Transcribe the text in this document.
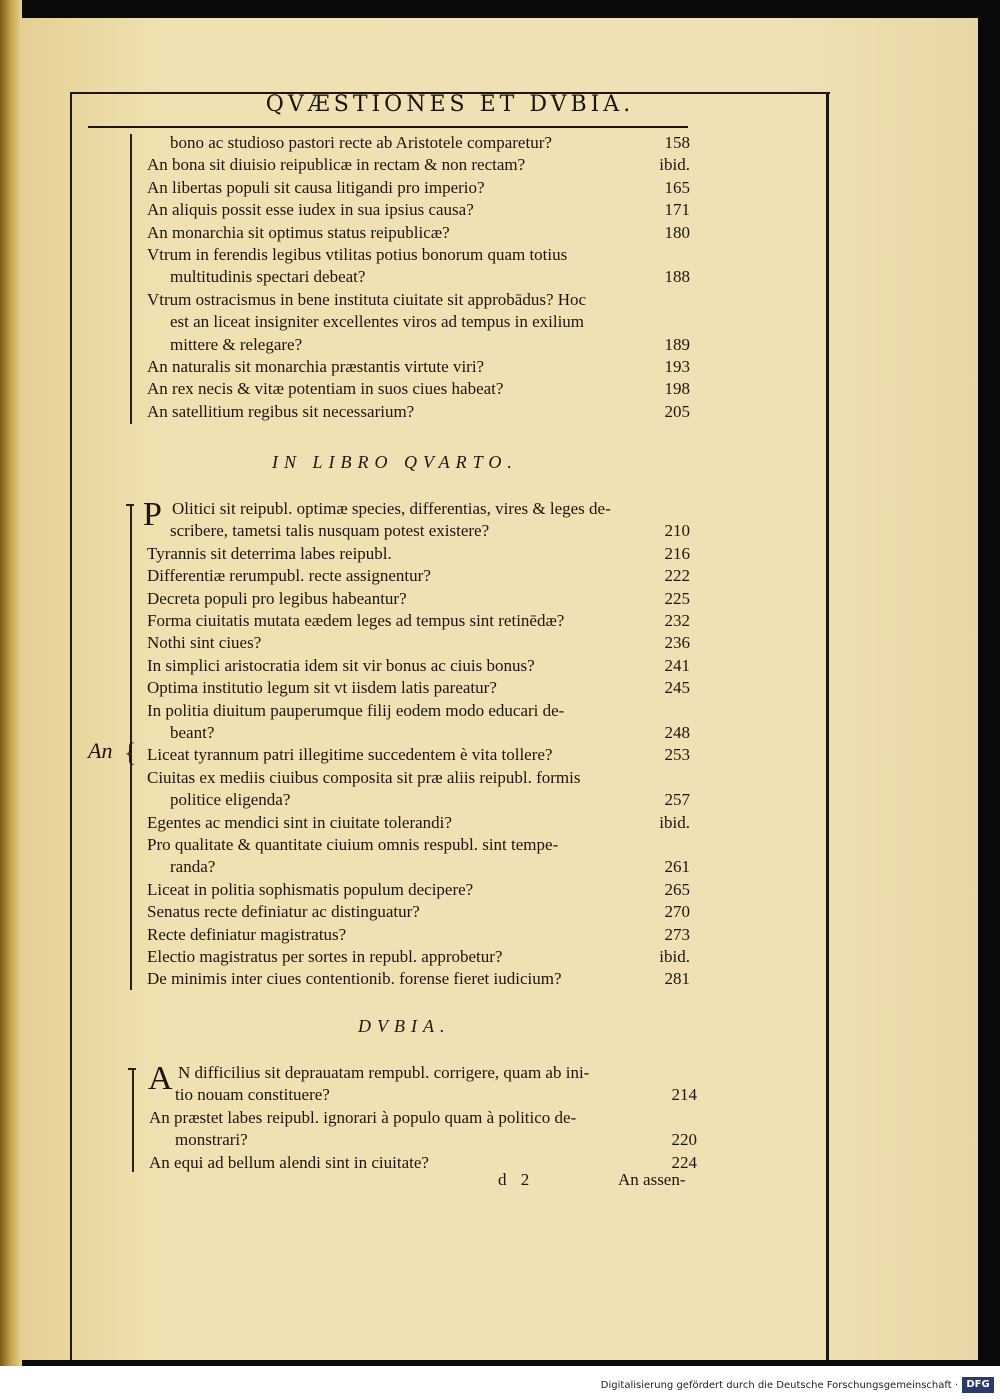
QVÆSTIONES ET DVBIA.
bono ac studioso pastori recte ab Aristotele comparetur?	158
An bona sit diuisio reipublicæ in rectam & non rectam?	ibid.
An libertas populi sit causa litigandi pro imperio?	165
An aliquis possit esse iudex in sua ipsius causa?	171
An monarchia sit optimus status reipublicæ?	180
Vtrum in ferendis legibus vtilitas potius bonorum quam totius
multitudinis spectari debeat?	188
Vtrum ostracismus in bene instituta ciuitate sit approbādus? Hoc
est an liceat insigniter excellentes viros ad tempus in exilium
mittere & relegare?	189
An naturalis sit monarchia præstantis virtute viri?	193
An rex necis & vitæ potentiam in suos ciues habeat?	198
An satellitium regibus sit necessarium?	205
IN LIBRO QVARTO.
P
An {
Olitici sit reipubl. optimæ species, differentias, vires & leges de-
scribere, tametsi talis nusquam potest existere?	210
Tyrannis sit deterrima labes reipubl.	216
Differentiæ rerumpubl. recte assignentur?	222
Decreta populi pro legibus habeantur?	225
Forma ciuitatis mutata eædem leges ad tempus sint retinēdæ?	232
Nothi sint ciues?	236
In simplici aristocratia idem sit vir bonus ac ciuis bonus?	241
Optima institutio legum sit vt iisdem latis pareatur?	245
In politia diuitum pauperumque filij eodem modo educari de-
beant?	248
Liceat tyrannum patri illegitime succedentem è vita tollere?	253
Ciuitas ex mediis ciuibus composita sit præ aliis reipubl. formis
politice eligenda?	257
Egentes ac mendici sint in ciuitate tolerandi?	ibid.
Pro qualitate & quantitate ciuium omnis respubl. sint tempe-
randa?	261
Liceat in politia sophismatis populum decipere?	265
Senatus recte definiatur ac distinguatur?	270
Recte definiatur magistratus?	273
Electio magistratus per sortes in republ. approbetur?	ibid.
De minimis inter ciues contentionib. forense fieret iudicium?	281
DVBIA.
A N difficilius sit deprauatam rempubl. corrigere, quam ab ini-
tio nouam constituere?	214
An præstet labes reipubl. ignorari à populo quam à politico de-
monstrari?	220
An equi ad bellum alendi sint in ciuitate?	224
d 2	An assen-
Digitalisierung gefördert durch die Deutsche Forschungsgemeinschaft · DFG
